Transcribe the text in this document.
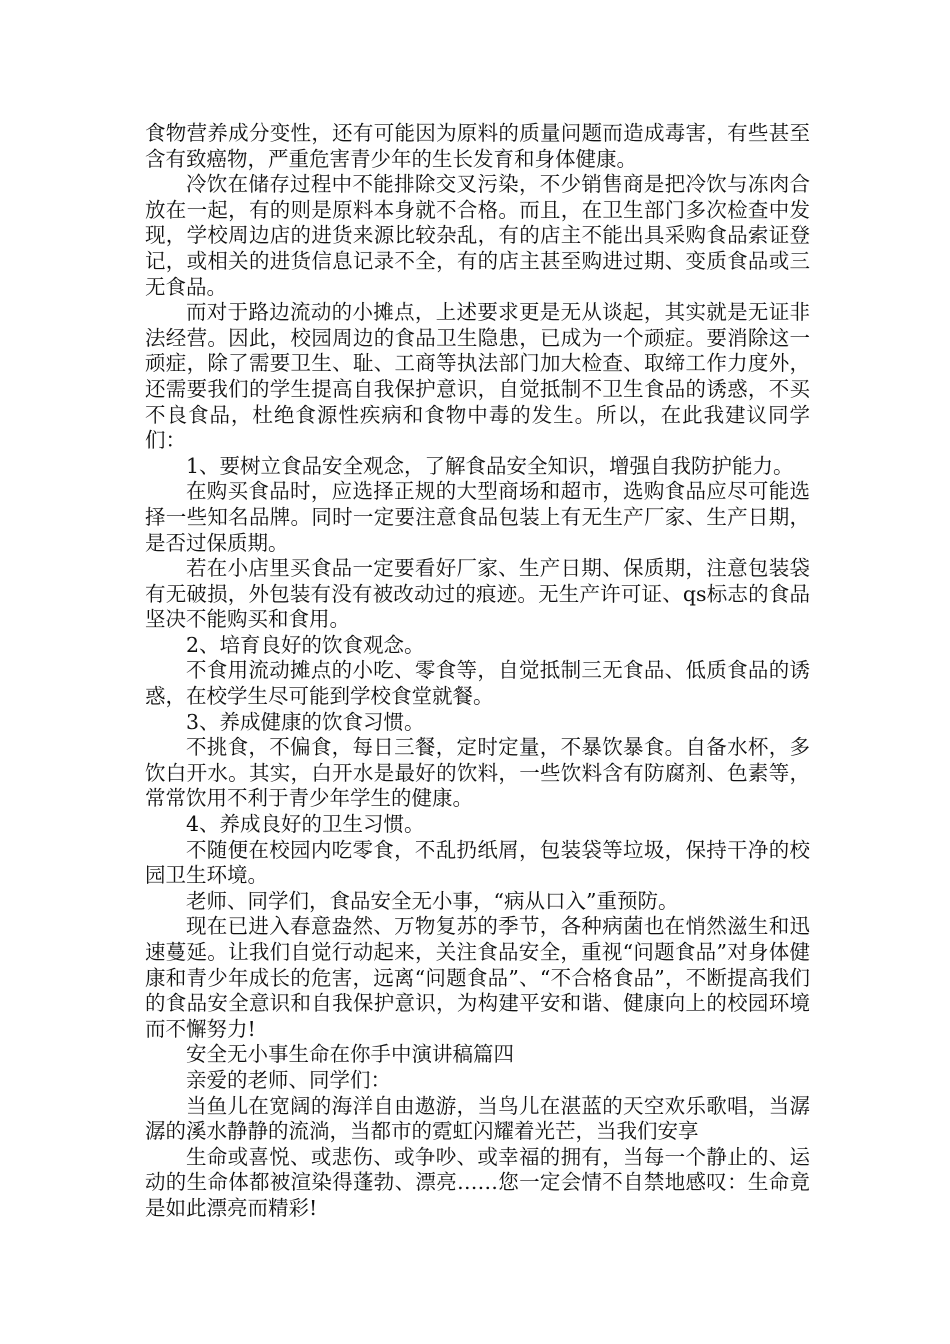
食物营养成分变性，还有可能因为原料的质量问题而造成毒害，有些甚至含有致癌物，严重危害青少年的生长发育和身体健康。

冷饮在储存过程中不能排除交叉污染，不少销售商是把冷饮与冻肉合放在一起，有的则是原料本身就不合格。而且，在卫生部门多次检查中发现，学校周边店的进货来源比较杂乱，有的店主不能出具采购食品索证登记，或相关的进货信息记录不全，有的店主甚至购进过期、变质食品或三无食品。

而对于路边流动的小摊点，上述要求更是无从谈起，其实就是无证非法经营。因此，校园周边的食品卫生隐患，已成为一个顽症。要消除这一顽症，除了需要卫生、耻、工商等执法部门加大检查、取缔工作力度外，还需要我们的学生提高自我保护意识，自觉抵制不卫生食品的诱惑，不买不良食品，杜绝食源性疾病和食物中毒的发生。所以，在此我建议同学们：

1、要树立食品安全观念，了解食品安全知识，增强自我防护能力。

在购买食品时，应选择正规的大型商场和超市，选购食品应尽可能选择一些知名品牌。同时一定要注意食品包装上有无生产厂家、生产日期，是否过保质期。

若在小店里买食品一定要看好厂家、生产日期、保质期，注意包装袋有无破损，外包装有没有被改动过的痕迹。无生产许可证、qs标志的食品坚决不能购买和食用。

2、培育良好的饮食观念。

不食用流动摊点的小吃、零食等，自觉抵制三无食品、低质食品的诱惑，在校学生尽可能到学校食堂就餐。

3、养成健康的饮食习惯。

不挑食，不偏食，每日三餐，定时定量，不暴饮暴食。自备水杯，多饮白开水。其实，白开水是最好的饮料，一些饮料含有防腐剂、色素等，常常饮用不利于青少年学生的健康。

4、养成良好的卫生习惯。

不随便在校园内吃零食，不乱扔纸屑，包装袋等垃圾，保持干净的校园卫生环境。

老师、同学们，食品安全无小事，“病从口入”重预防。

现在已进入春意盎然、万物复苏的季节，各种病菌也在悄然滋生和迅速蔓延。让我们自觉行动起来，关注食品安全，重视“问题食品”对身体健康和青少年成长的危害，远离“问题食品”、“不合格食品”，不断提高我们的食品安全意识和自我保护意识，为构建平安和谐、健康向上的校园环境而不懈努力!

安全无小事生命在你手中演讲稿篇四

亲爱的老师、同学们：

当鱼儿在宽阔的海洋自由遨游，当鸟儿在湛蓝的天空欢乐歌唱，当潺潺的溪水静静的流淌，当都市的霓虹闪耀着光芒，当我们安享

生命或喜悦、或悲伤、或争吵、或幸福的拥有，当每一个静止的、运动的生命体都被渲染得蓬勃、漂亮……您一定会情不自禁地感叹：生命竟是如此漂亮而精彩!
